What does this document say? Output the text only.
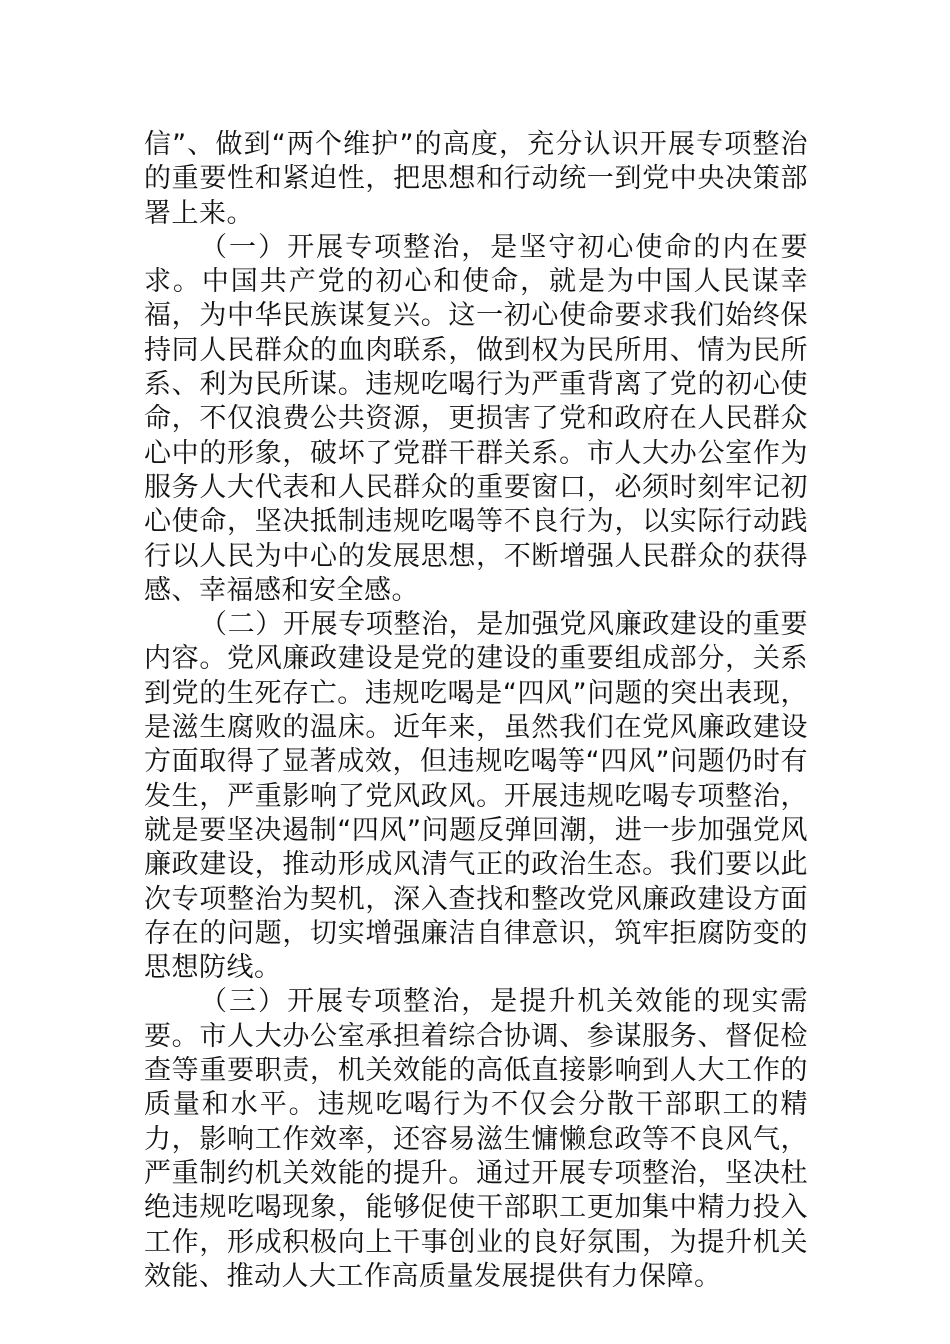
信”、做到“两个维护”的高度，充分认识开展专项整治的重要性和紧迫性，把思想和行动统一到党中央决策部署上来。

（一）开展专项整治，是坚守初心使命的内在要求。中国共产党的初心和使命，就是为中国人民谋幸福，为中华民族谋复兴。这一初心使命要求我们始终保持同人民群众的血肉联系，做到权为民所用、情为民所系、利为民所谋。违规吃喝行为严重背离了党的初心使命，不仅浪费公共资源，更损害了党和政府在人民群众心中的形象，破坏了党群干群关系。市人大办公室作为服务人大代表和人民群众的重要窗口，必须时刻牢记初心使命，坚决抵制违规吃喝等不良行为，以实际行动践行以人民为中心的发展思想，不断增强人民群众的获得感、幸福感和安全感。

（二）开展专项整治，是加强党风廉政建设的重要内容。党风廉政建设是党的建设的重要组成部分，关系到党的生死存亡。违规吃喝是“四风”问题的突出表现，是滋生腐败的温床。近年来，虽然我们在党风廉政建设方面取得了显著成效，但违规吃喝等“四风”问题仍时有发生，严重影响了党风政风。开展违规吃喝专项整治，就是要坚决遏制“四风”问题反弹回潮，进一步加强党风廉政建设，推动形成风清气正的政治生态。我们要以此次专项整治为契机，深入查找和整改党风廉政建设方面存在的问题，切实增强廉洁自律意识，筑牢拒腐防变的思想防线。

（三）开展专项整治，是提升机关效能的现实需要。市人大办公室承担着综合协调、参谋服务、督促检查等重要职责，机关效能的高低直接影响到人大工作的质量和水平。违规吃喝行为不仅会分散干部职工的精力，影响工作效率，还容易滋生慵懒怠政等不良风气，严重制约机关效能的提升。通过开展专项整治，坚决杜绝违规吃喝现象，能够促使干部职工更加集中精力投入工作，形成积极向上干事创业的良好氛围，为提升机关效能、推动人大工作高质量发展提供有力保障。
